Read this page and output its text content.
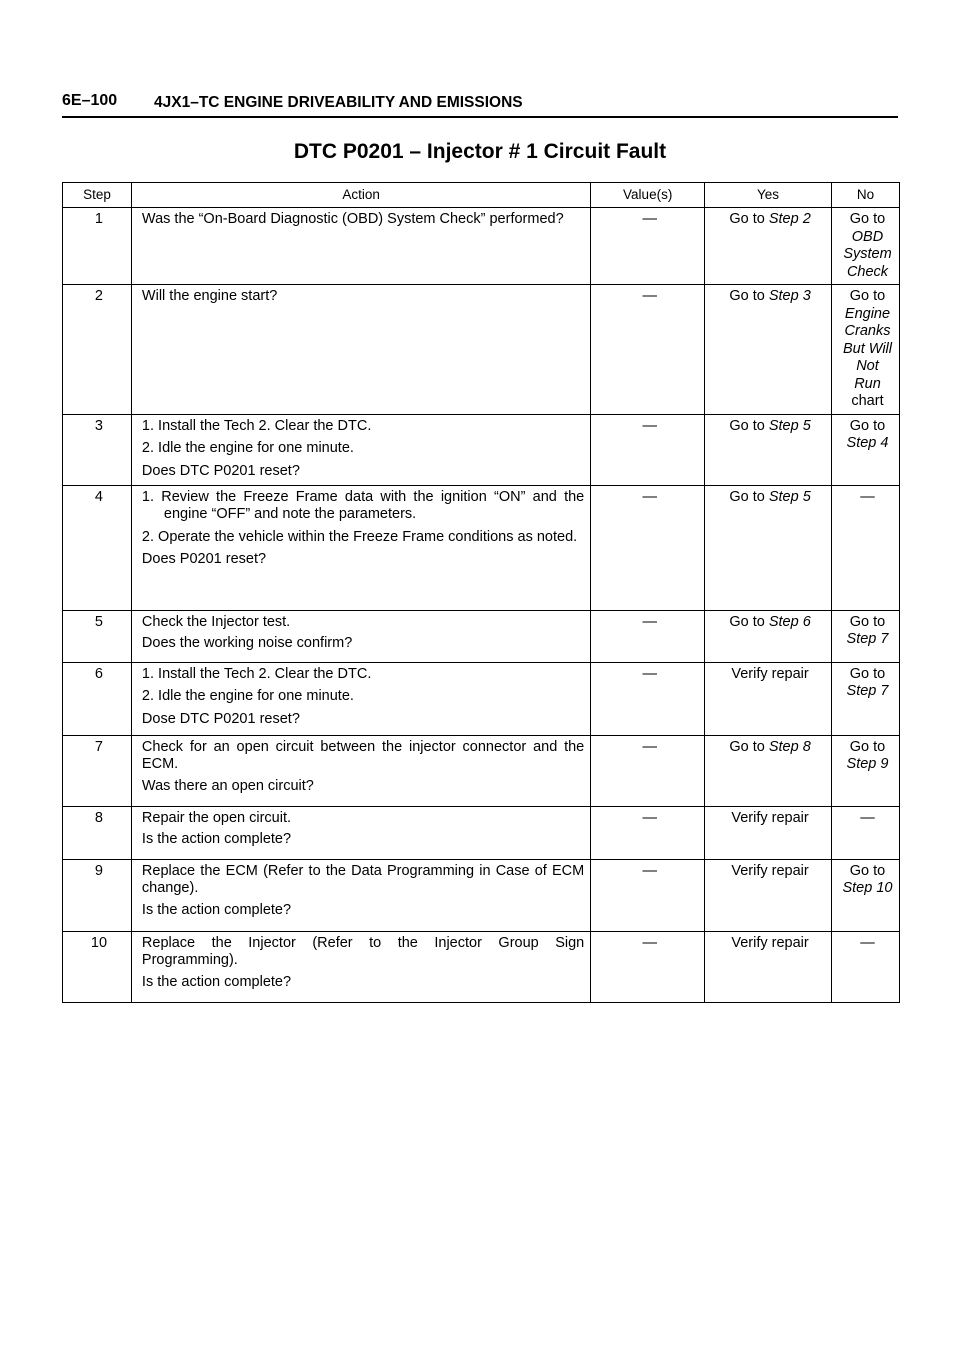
6E–100 4JX1–TC ENGINE DRIVEABILITY AND EMISSIONS
DTC P0201 – Injector # 1 Circuit Fault
Step	Action	Value(s)	Yes	No
1	Was the “On-Board Diagnostic (OBD) System Check” performed?	—	Go to Step 2	Go to OBD System Check
2	Will the engine start?	—	Go to Step 3	Go to Engine Cranks But Will Not Run chart
3	1. Install the Tech 2. Clear the DTC.
2. Idle the engine for one minute.
Does DTC P0201 reset?	—	Go to Step 5	Go to Step 4
4	1. Review the Freeze Frame data with the ignition “ON” and the engine “OFF” and note the parameters.
2. Operate the vehicle within the Freeze Frame conditions as noted.
Does P0201 reset?	—	Go to Step 5	—
5	Check the Injector test.
Does the working noise confirm?	—	Go to Step 6	Go to Step 7
6	1. Install the Tech 2. Clear the DTC.
2. Idle the engine for one minute.
Dose DTC P0201 reset?	—	Verify repair	Go to Step 7
7	Check for an open circuit between the injector connector and the ECM.
Was there an open circuit?	—	Go to Step 8	Go to Step 9
8	Repair the open circuit.
Is the action complete?	—	Verify repair	—
9	Replace the ECM (Refer to the Data Programming in Case of ECM change).
Is the action complete?	—	Verify repair	Go to Step 10
10	Replace the Injector (Refer to the Injector Group Sign Programming).
Is the action complete?	—	Verify repair	—
